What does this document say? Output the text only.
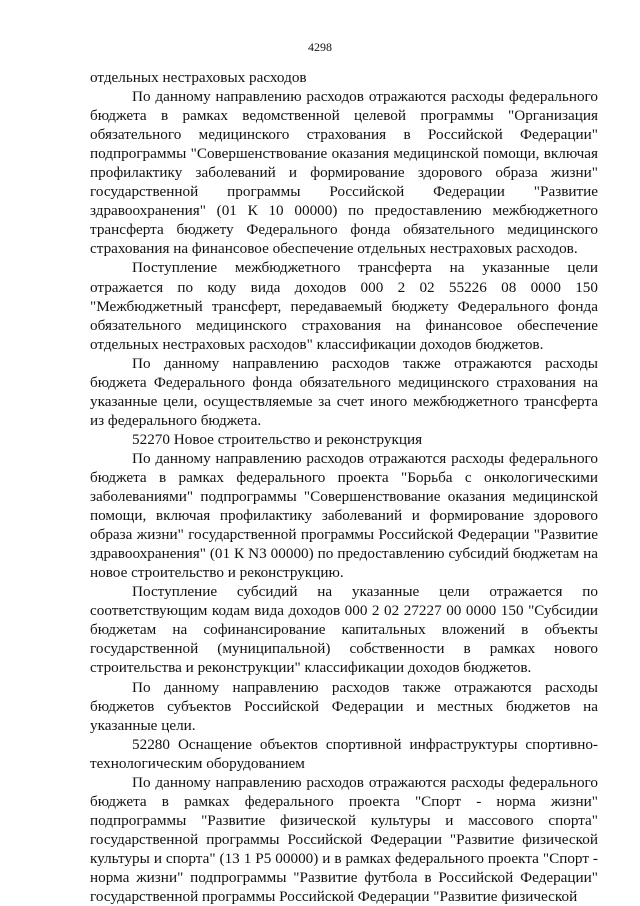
4298

отдельных нестраховых расходов

По данному направлению расходов отражаются расходы федерального бюджета в рамках ведомственной целевой программы "Организация обязательного медицинского страхования в Российской Федерации" подпрограммы "Совершенствование оказания медицинской помощи, включая профилактику заболеваний и формирование здорового образа жизни" государственной программы Российской Федерации "Развитие здравоохранения" (01 К 10 00000) по предоставлению межбюджетного трансферта бюджету Федерального фонда обязательного медицинского страхования на финансовое обеспечение отдельных нестраховых расходов.

Поступление межбюджетного трансферта на указанные цели отражается по коду вида доходов 000 2 02 55226 08 0000 150 "Межбюджетный трансферт, передаваемый бюджету Федерального фонда обязательного медицинского страхования на финансовое обеспечение отдельных нестраховых расходов" классификации доходов бюджетов.

По данному направлению расходов также отражаются расходы бюджета Федерального фонда обязательного медицинского страхования на указанные цели, осуществляемые за счет иного межбюджетного трансферта из федерального бюджета.

52270 Новое строительство и реконструкция

По данному направлению расходов отражаются расходы федерального бюджета в рамках федерального проекта "Борьба с онкологическими заболеваниями" подпрограммы "Совершенствование оказания медицинской помощи, включая профилактику заболеваний и формирование здорового образа жизни" государственной программы Российской Федерации "Развитие здравоохранения" (01 К N3 00000) по предоставлению субсидий бюджетам на новое строительство и реконструкцию.

Поступление субсидий на указанные цели отражается по соответствующим кодам вида доходов 000 2 02 27227 00 0000 150 "Субсидии бюджетам на софинансирование капитальных вложений в объекты государственной (муниципальной) собственности в рамках нового строительства и реконструкции" классификации доходов бюджетов.

По данному направлению расходов также отражаются расходы бюджетов субъектов Российской Федерации и местных бюджетов на указанные цели.

52280 Оснащение объектов спортивной инфраструктуры спортивно-технологическим оборудованием

По данному направлению расходов отражаются расходы федерального бюджета в рамках федерального проекта "Спорт - норма жизни" подпрограммы "Развитие физической культуры и массового спорта" государственной программы Российской Федерации "Развитие физической культуры и спорта" (13 1 Р5 00000) и в рамках федерального проекта "Спорт - норма жизни" подпрограммы "Развитие футбола в Российской Федерации" государственной программы Российской Федерации "Развитие физической
